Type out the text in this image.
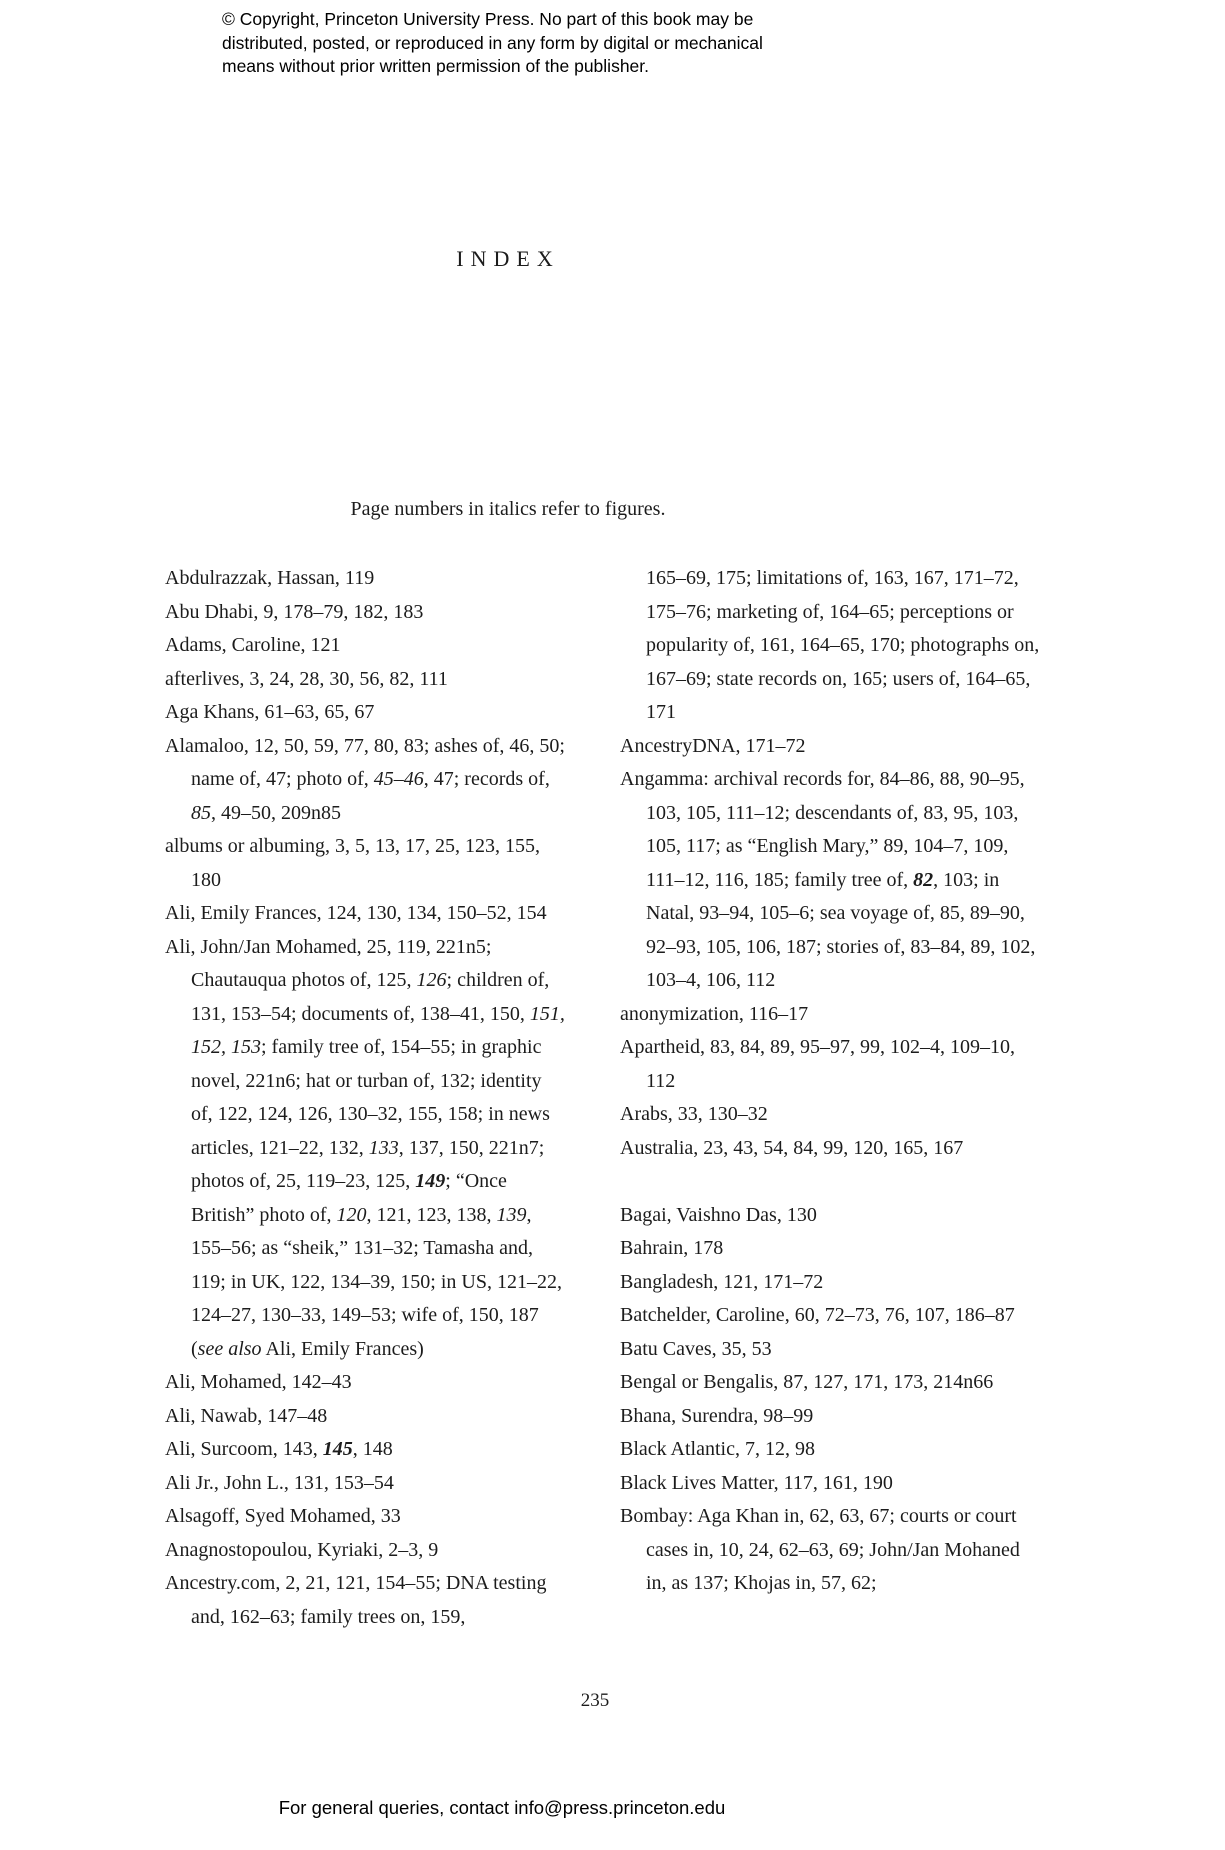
© Copyright, Princeton University Press. No part of this book may be
distributed, posted, or reproduced in any form by digital or mechanical
means without prior written permission of the publisher.
INDEX
Page numbers in italics refer to figures.
Abdulrazzak, Hassan, 119
Abu Dhabi, 9, 178–79, 182, 183
Adams, Caroline, 121
afterlives, 3, 24, 28, 30, 56, 82, 111
Aga Khans, 61–63, 65, 67
Alamaloo, 12, 50, 59, 77, 80, 83; ashes of, 46, 50; name of, 47; photo of, 45–46, 47; records of, 85, 49–50, 209n85
albums or albuming, 3, 5, 13, 17, 25, 123, 155, 180
Ali, Emily Frances, 124, 130, 134, 150–52, 154
Ali, John/Jan Mohamed, 25, 119, 221n5; Chautauqua photos of, 125, 126; children of, 131, 153–54; documents of, 138–41, 150, 151, 152, 153; family tree of, 154–55; in graphic novel, 221n6; hat or turban of, 132; identity of, 122, 124, 126, 130–32, 155, 158; in news articles, 121–22, 132, 133, 137, 150, 221n7; photos of, 25, 119–23, 125, 149; “Once British” photo of, 120, 121, 123, 138, 139, 155–56; as “sheik,” 131–32; Tamasha and, 119; in UK, 122, 134–39, 150; in US, 121–22, 124–27, 130–33, 149–53; wife of, 150, 187 (see also Ali, Emily Frances)
Ali, Mohamed, 142–43
Ali, Nawab, 147–48
Ali, Surcoom, 143, 145, 148
Ali Jr., John L., 131, 153–54
Alsagoff, Syed Mohamed, 33
Anagnostopoulou, Kyriaki, 2–3, 9
Ancestry.com, 2, 21, 121, 154–55; DNA testing and, 162–63; family trees on, 159,
165–69, 175; limitations of, 163, 167, 171–72, 175–76; marketing of, 164–65; perceptions or popularity of, 161, 164–65, 170; photographs on, 167–69; state records on, 165; users of, 164–65, 171
AncestryDNA, 171–72
Angamma: archival records for, 84–86, 88, 90–95, 103, 105, 111–12; descendants of, 83, 95, 103, 105, 117; as “English Mary,” 89, 104–7, 109, 111–12, 116, 185; family tree of, 82, 103; in Natal, 93–94, 105–6; sea voyage of, 85, 89–90, 92–93, 105, 106, 187; stories of, 83–84, 89, 102, 103–4, 106, 112
anonymization, 116–17
Apartheid, 83, 84, 89, 95–97, 99, 102–4, 109–10, 112
Arabs, 33, 130–32
Australia, 23, 43, 54, 84, 99, 120, 165, 167
Bagai, Vaishno Das, 130
Bahrain, 178
Bangladesh, 121, 171–72
Batchelder, Caroline, 60, 72–73, 76, 107, 186–87
Batu Caves, 35, 53
Bengal or Bengalis, 87, 127, 171, 173, 214n66
Bhana, Surendra, 98–99
Black Atlantic, 7, 12, 98
Black Lives Matter, 117, 161, 190
Bombay: Aga Khan in, 62, 63, 67; courts or court cases in, 10, 24, 62–63, 69; John/Jan Mohaned in, as 137; Khojas in, 57, 62;
235
For general queries, contact info@press.princeton.edu
